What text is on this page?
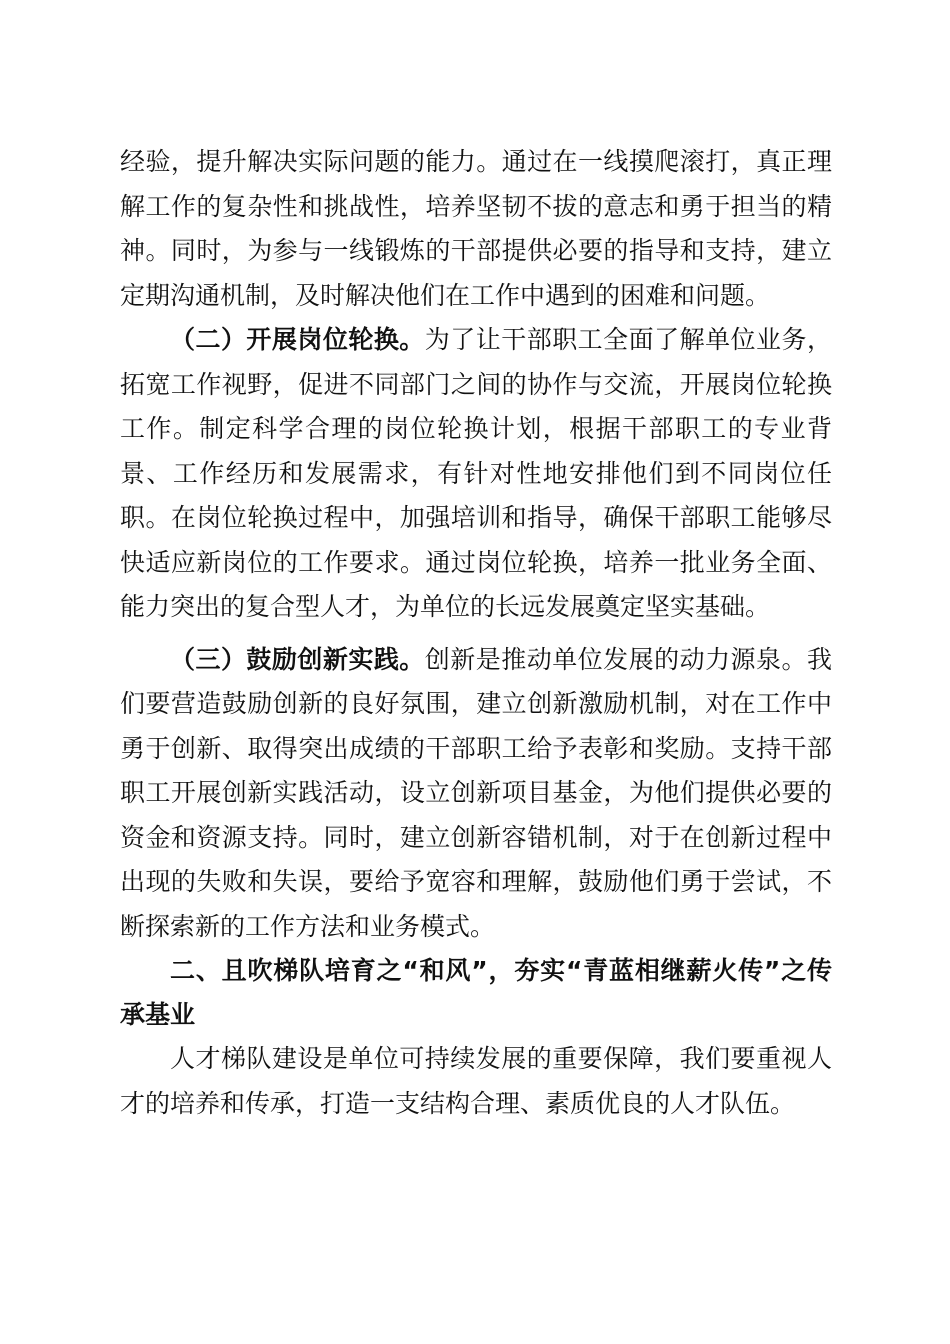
经验，提升解决实际问题的能力。通过在一线摸爬滚打，真正理解工作的复杂性和挑战性，培养坚韧不拔的意志和勇于担当的精神。同时，为参与一线锻炼的干部提供必要的指导和支持，建立定期沟通机制，及时解决他们在工作中遇到的困难和问题。

（二）开展岗位轮换。为了让干部职工全面了解单位业务，拓宽工作视野，促进不同部门之间的协作与交流，开展岗位轮换工作。制定科学合理的岗位轮换计划，根据干部职工的专业背景、工作经历和发展需求，有针对性地安排他们到不同岗位任职。在岗位轮换过程中，加强培训和指导，确保干部职工能够尽快适应新岗位的工作要求。通过岗位轮换，培养一批业务全面、能力突出的复合型人才，为单位的长远发展奠定坚实基础。

（三）鼓励创新实践。创新是推动单位发展的动力源泉。我们要营造鼓励创新的良好氛围，建立创新激励机制，对在工作中勇于创新、取得突出成绩的干部职工给予表彰和奖励。支持干部职工开展创新实践活动，设立创新项目基金，为他们提供必要的资金和资源支持。同时，建立创新容错机制，对于在创新过程中出现的失败和失误，要给予宽容和理解，鼓励他们勇于尝试，不断探索新的工作方法和业务模式。

二、且吹梯队培育之“和风”，夯实“青蓝相继薪火传”之传承基业

人才梯队建设是单位可持续发展的重要保障，我们要重视人才的培养和传承，打造一支结构合理、素质优良的人才队伍。
